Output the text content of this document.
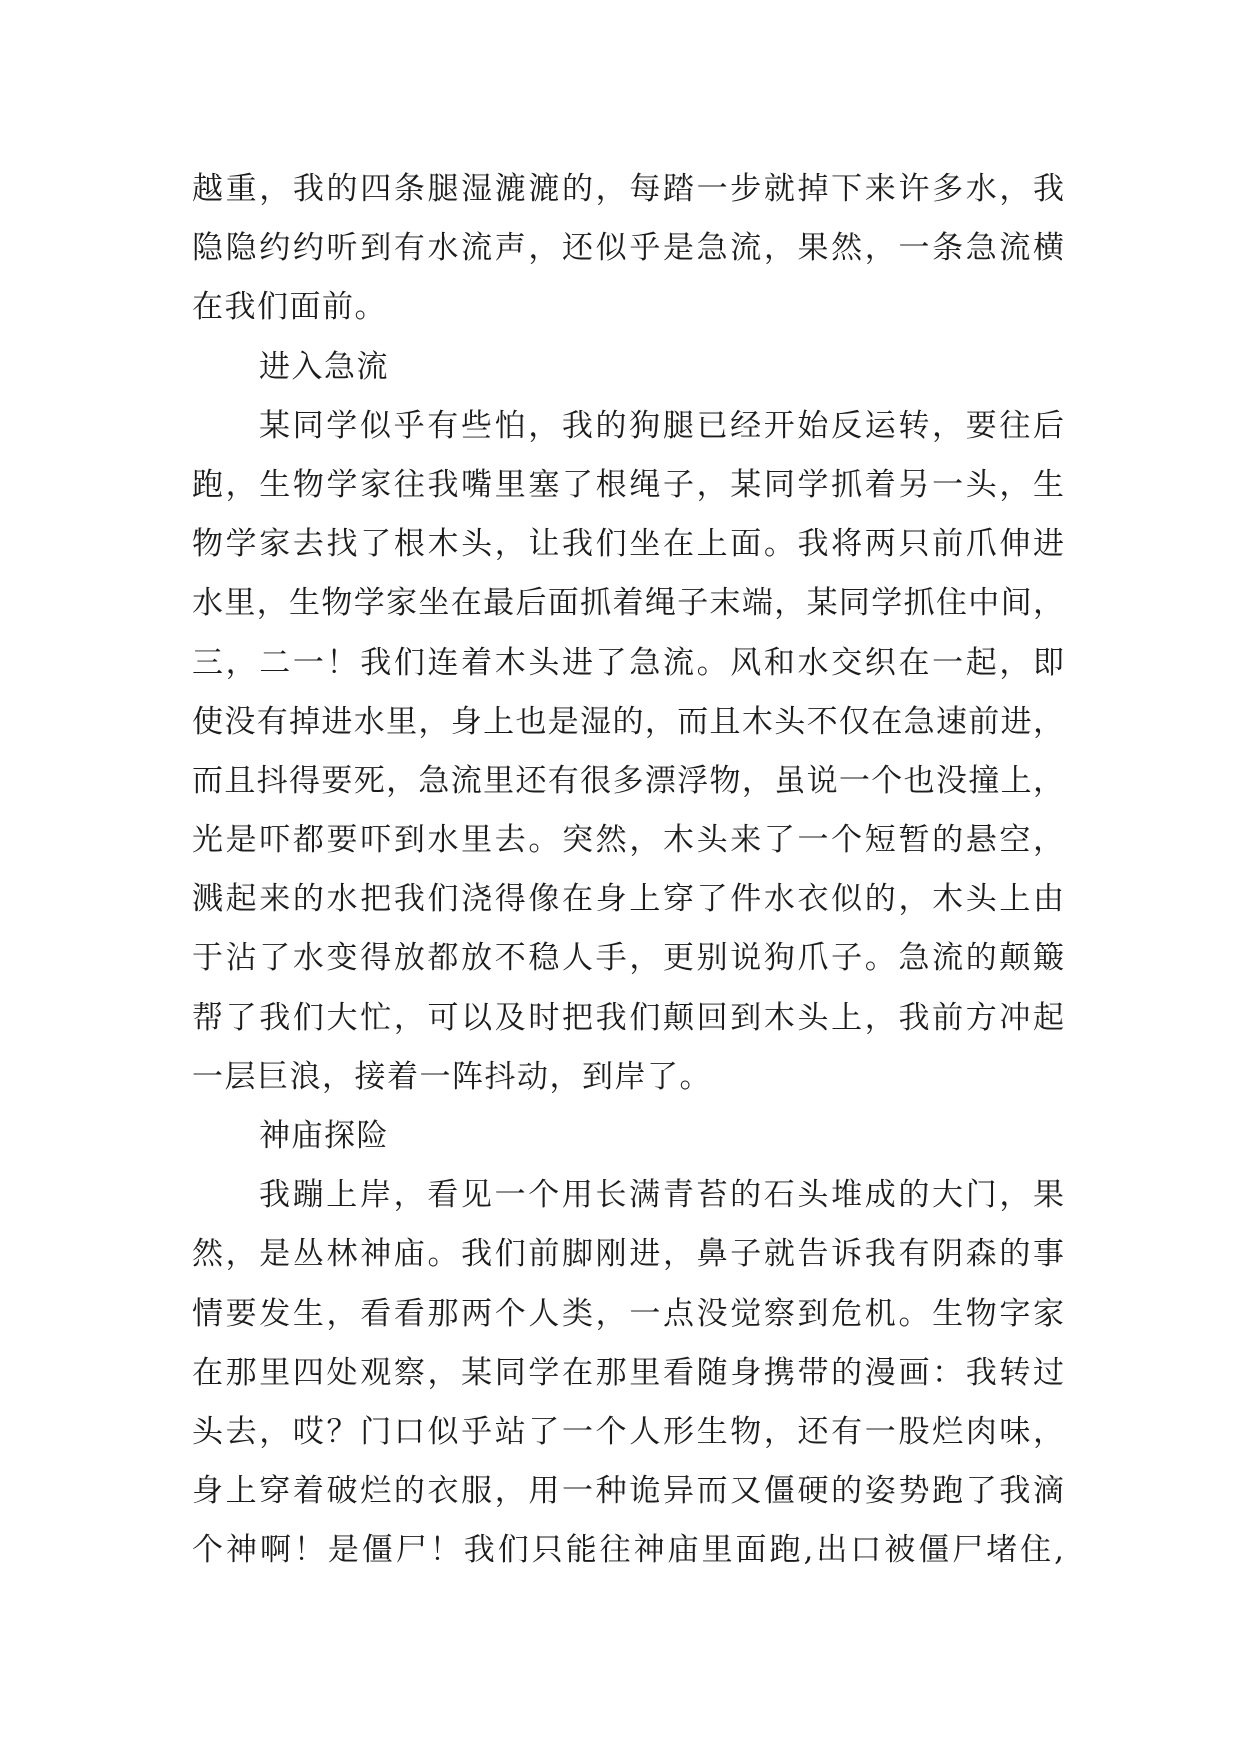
越重，我的四条腿湿漉漉的，每踏一步就掉下来许多水，我
隐隐约约听到有水流声，还似乎是急流，果然，一条急流横
在我们面前。
进入急流
某同学似乎有些怕，我的狗腿已经开始反运转，要往后
跑，生物学家往我嘴里塞了根绳子，某同学抓着另一头，生
物学家去找了根木头，让我们坐在上面。我将两只前爪伸进
水里，生物学家坐在最后面抓着绳子末端，某同学抓住中间，
三，二一！我们连着木头进了急流。风和水交织在一起，即
使没有掉进水里，身上也是湿的，而且木头不仅在急速前进，
而且抖得要死，急流里还有很多漂浮物，虽说一个也没撞上，
光是吓都要吓到水里去。突然，木头来了一个短暂的悬空，
溅起来的水把我们浇得像在身上穿了件水衣似的，木头上由
于沾了水变得放都放不稳人手，更别说狗爪子。急流的颠簸
帮了我们大忙，可以及时把我们颠回到木头上，我前方冲起
一层巨浪，接着一阵抖动，到岸了。
神庙探险
我蹦上岸，看见一个用长满青苔的石头堆成的大门，果
然，是丛林神庙。我们前脚刚进，鼻子就告诉我有阴森的事
情要发生，看看那两个人类，一点没觉察到危机。生物字家
在那里四处观察，某同学在那里看随身携带的漫画：我转过
头去，哎？门口似乎站了一个人形生物，还有一股烂肉味，
身上穿着破烂的衣服，用一种诡异而又僵硬的姿势跑了我滴
个神啊！是僵尸！我们只能往神庙里面跑,出口被僵尸堵住,
